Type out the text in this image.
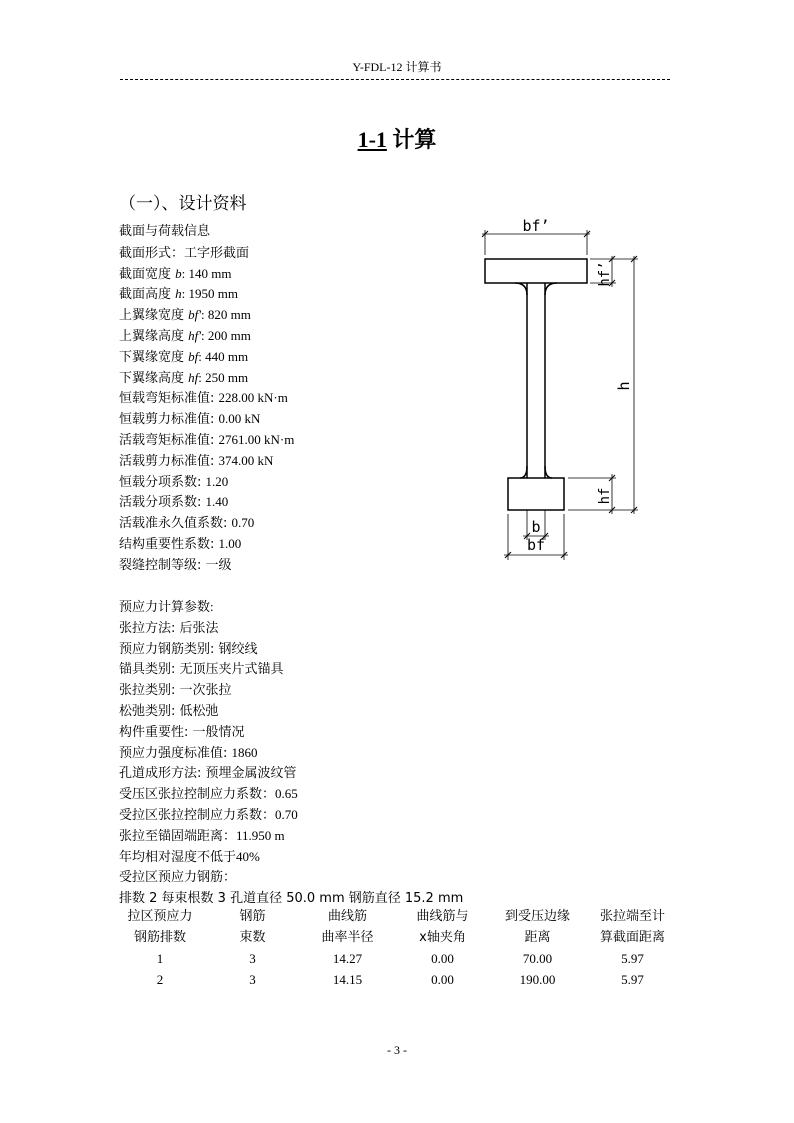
Y-FDL-12 计算书
1-1 计算
（一）、设计资料
截面与荷载信息
截面形式：工字形截面
截面宽度 b: 140 mm
截面高度 h: 1950 mm
上翼缘宽度 bf': 820 mm
上翼缘高度 hf': 200 mm
下翼缘宽度 bf: 440 mm
下翼缘高度 hf: 250 mm
恒载弯矩标准值: 228.00 kN·m
恒载剪力标准值: 0.00 kN
活载弯矩标准值: 2761.00 kN·m
活载剪力标准值: 374.00 kN
恒载分项系数: 1.20
活载分项系数: 1.40
活载准永久值系数: 0.70
结构重要性系数: 1.00
裂缝控制等级: 一级
预应力计算参数:
张拉方法: 后张法
预应力钢筋类别: 钢绞线
锚具类别: 无顶压夹片式锚具
张拉类别: 一次张拉
松弛类别: 低松弛
构件重要性: 一般情况
预应力强度标准值: 1860
孔道成形方法: 预埋金属波纹管
受压区张拉控制应力系数：0.65
受拉区张拉控制应力系数：0.70
张拉至锚固端距离：11.950 m
年均相对湿度不低于40%
受拉区预应力钢筋：
排数 2 每束根数 3 孔道直径 50.0 mm 钢筋直径 15.2 mm
拉区预应力	钢筋	曲线筋	曲线筋与	到受压边缘	张拉端至计
钢筋排数	束数	曲率半径	x轴夹角	距离	算截面距离
1	3	14.27	0.00	70.00	5.97
2	3	14.15	0.00	190.00	5.97
bf’
hf’
h
hf
b
bf
- 3 -
